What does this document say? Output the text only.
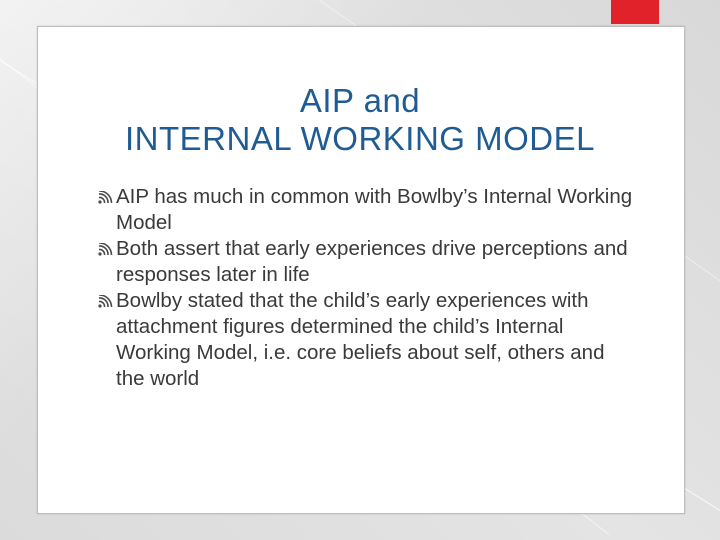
AIP and
INTERNAL WORKING MODEL
AIP has much in common with Bowlby’s Internal Working Model
Both assert that early experiences drive perceptions and responses later in life
Bowlby stated that the child’s early experiences with attachment figures determined the child’s Internal Working Model, i.e. core beliefs about self, others and the world
